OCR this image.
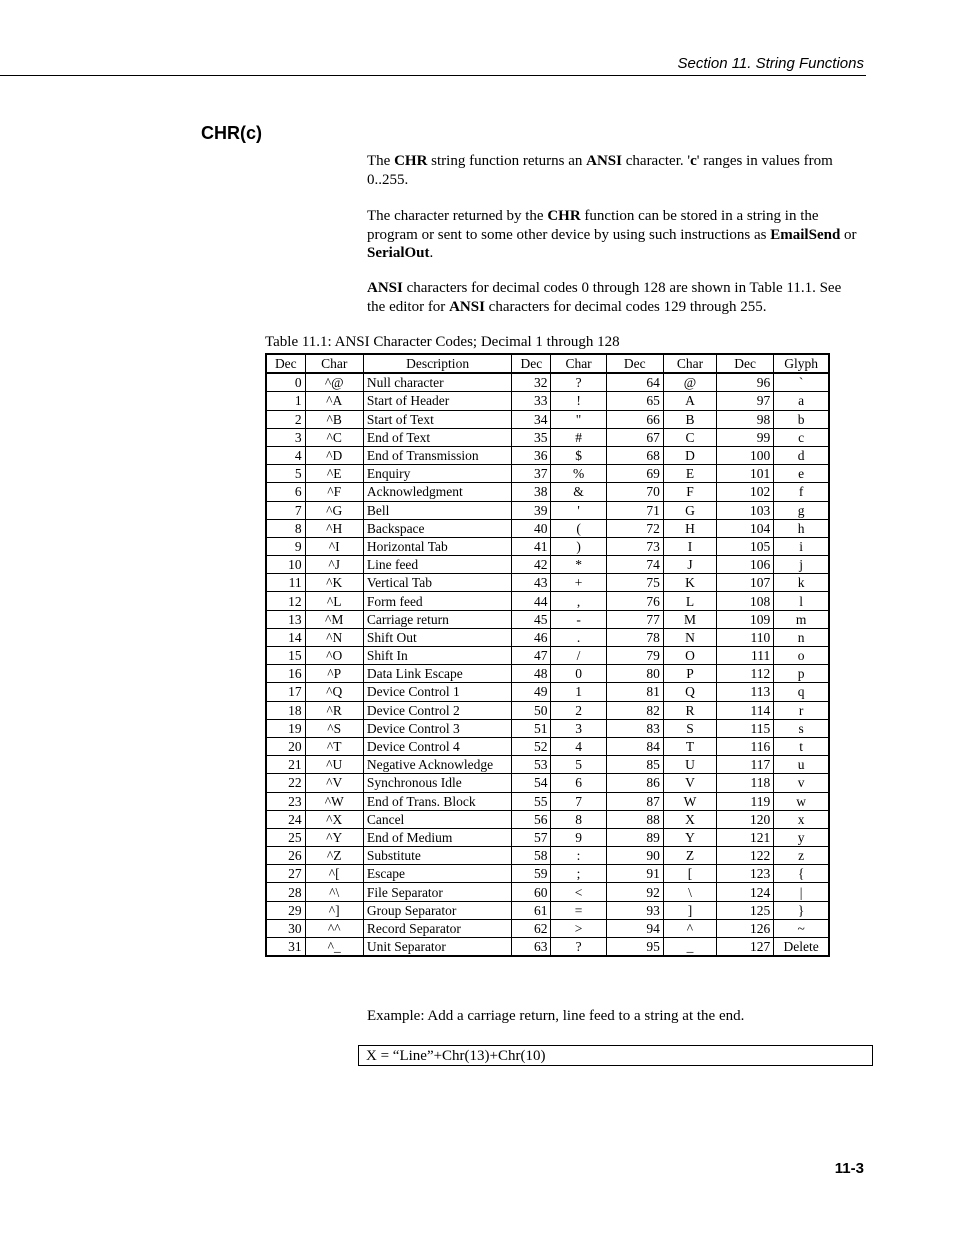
Section 11. String Functions
CHR(c)
The CHR string function returns an ANSI character. 'c' ranges in values from 0..255.
The character returned by the CHR function can be stored in a string in the program or sent to some other device by using such instructions as EmailSend or SerialOut.
ANSI characters for decimal codes 0 through 128 are shown in Table 11.1. See the editor for ANSI characters for decimal codes 129 through 255.
Table 11.1: ANSI Character Codes; Decimal 1 through 128
Dec	Char	Description	Dec	Char	Dec	Char	Dec	Glyph
0	^@	Null character	32	?	64	@	96	`
1	^A	Start of Header	33	!	65	A	97	a
2	^B	Start of Text	34	"	66	B	98	b
3	^C	End of Text	35	#	67	C	99	c
4	^D	End of Transmission	36	$	68	D	100	d
5	^E	Enquiry	37	%	69	E	101	e
6	^F	Acknowledgment	38	&	70	F	102	f
7	^G	Bell	39	'	71	G	103	g
8	^H	Backspace	40	(	72	H	104	h
9	^I	Horizontal Tab	41	)	73	I	105	i
10	^J	Line feed	42	*	74	J	106	j
11	^K	Vertical Tab	43	+	75	K	107	k
12	^L	Form feed	44	,	76	L	108	l
13	^M	Carriage return	45	-	77	M	109	m
14	^N	Shift Out	46	.	78	N	110	n
15	^O	Shift In	47	/	79	O	111	o
16	^P	Data Link Escape	48	0	80	P	112	p
17	^Q	Device Control 1	49	1	81	Q	113	q
18	^R	Device Control 2	50	2	82	R	114	r
19	^S	Device Control 3	51	3	83	S	115	s
20	^T	Device Control 4	52	4	84	T	116	t
21	^U	Negative Acknowledge	53	5	85	U	117	u
22	^V	Synchronous Idle	54	6	86	V	118	v
23	^W	End of Trans. Block	55	7	87	W	119	w
24	^X	Cancel	56	8	88	X	120	x
25	^Y	End of Medium	57	9	89	Y	121	y
26	^Z	Substitute	58	:	90	Z	122	z
27	^[	Escape	59	;	91	[	123	{
28	^\	File Separator	60	<	92	\	124	|
29	^]	Group Separator	61	=	93	]	125	}
30	^^	Record Separator	62	>	94	^	126	~
31	^_	Unit Separator	63	?	95	_	127	Delete
Example: Add a carriage return, line feed to a string at the end.
X = “Line”+Chr(13)+Chr(10)
11-3
